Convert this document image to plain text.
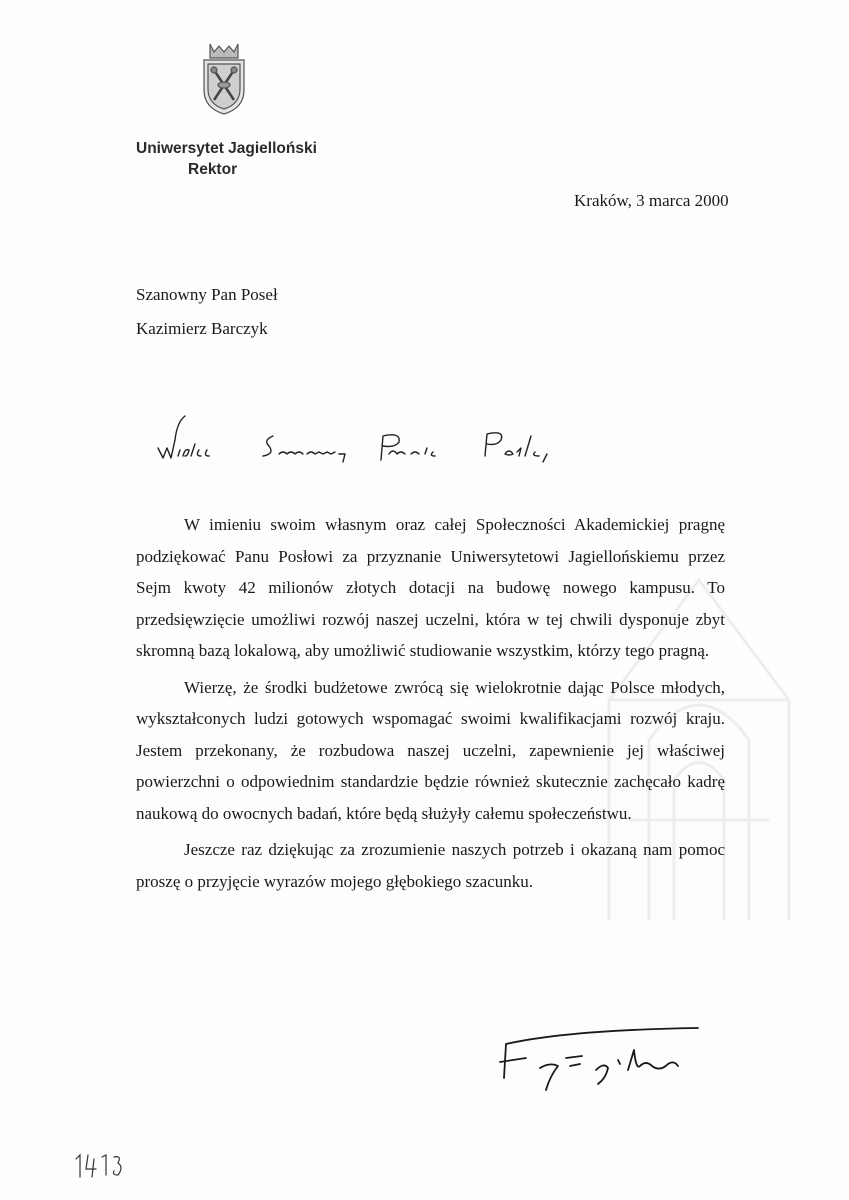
Uniwersytet Jagielloński
Rektor
Kraków, 3 marca 2000
Szanowny Pan Poseł
Kazimierz Barczyk

W imieniu swoim własnym oraz całej Społeczności Akademickiej pragnę podziękować Panu Posłowi za przyznanie Uniwersytetowi Jagiellońskiemu przez Sejm kwoty 42 milionów złotych dotacji na budowę nowego kampusu. To przedsięwzięcie umożliwi rozwój naszej uczelni, która w tej chwili dysponuje zbyt skromną bazą lokalową, aby umożliwić studiowanie wszystkim, którzy tego pragną.

Wierzę, że środki budżetowe zwrócą się wielokrotnie dając Polsce młodych, wykształconych ludzi gotowych wspomagać swoimi kwalifikacjami rozwój kraju. Jestem przekonany, że rozbudowa naszej uczelni, zapewnienie jej właściwej powierzchni o odpowiednim standardzie będzie również skutecznie zachęcało kadrę naukową do owocnych badań, które będą służyły całemu społeczeństwu.

Jeszcze raz dziękując za zrozumienie naszych potrzeb i okazaną nam pomoc proszę o przyjęcie wyrazów mojego głębokiego szacunku.
